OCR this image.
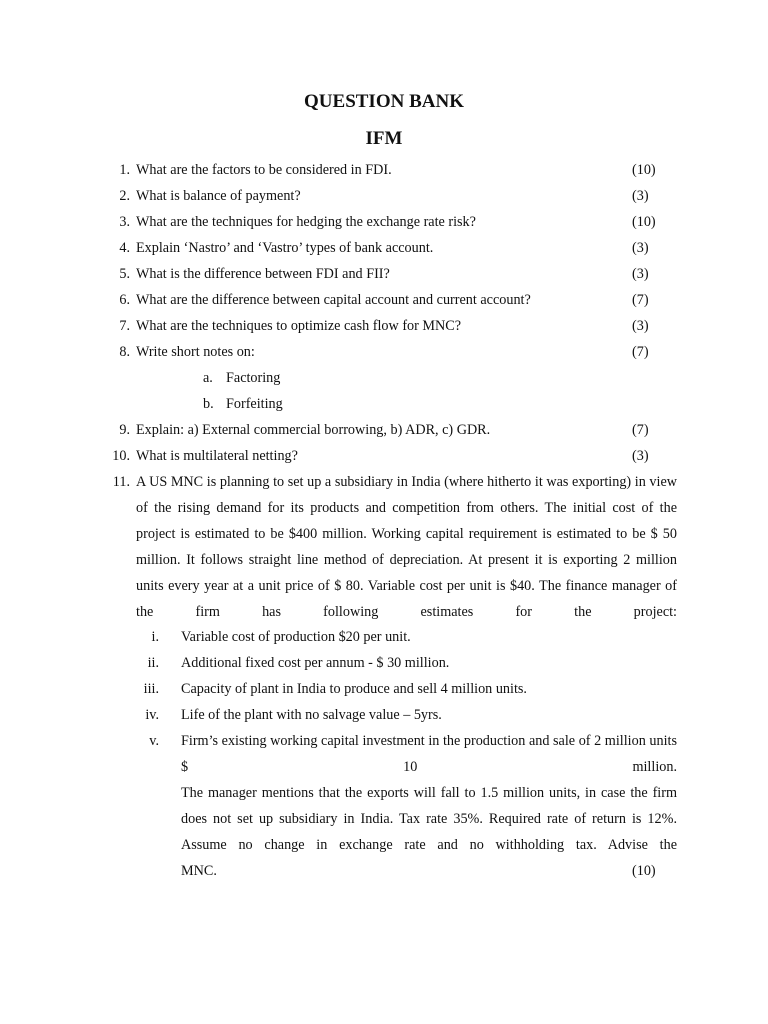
QUESTION BANK
IFM
1. What are the factors to be considered in FDI.	(10)
2. What is balance of payment?	(3)
3. What are the techniques for hedging the exchange rate risk?	(10)
4. Explain ‘Nastro’ and ‘Vastro’ types of bank account.	(3)
5. What is the difference between FDI and FII?	(3)
6. What are the difference between capital account and current account?	(7)
7. What are the techniques to optimize cash flow for MNC?	(3)
8. Write short notes on:	(7)
a. Factoring
b. Forfeiting
9. Explain: a) External commercial borrowing, b) ADR, c) GDR.	(7)
10. What is multilateral netting?	(3)
11. A US MNC is planning to set up a subsidiary in India (where hitherto it was exporting) in view of the rising demand for its products and competition from others. The initial cost of the project is estimated to be $400 million. Working capital requirement is estimated to be $ 50 million. It follows straight line method of depreciation. At present it is exporting 2 million units every year at a unit price of $ 80. Variable cost per unit is $40. The finance manager of the firm has following estimates for the project:

i. Variable cost of production $20 per unit.
ii. Additional fixed cost per annum - $ 30 million.
iii. Capacity of plant in India to produce and sell 4 million units.
iv. Life of the plant with no salvage value – 5yrs.
v. Firm’s existing working capital investment in the production and sale of 2 million units $ 10 million.

The manager mentions that the exports will fall to 1.5 million units, in case the firm does not set up subsidiary in India. Tax rate 35%. Required rate of return is 12%. Assume no change in exchange rate and no withholding tax. Advise the

MNC.	(10)
